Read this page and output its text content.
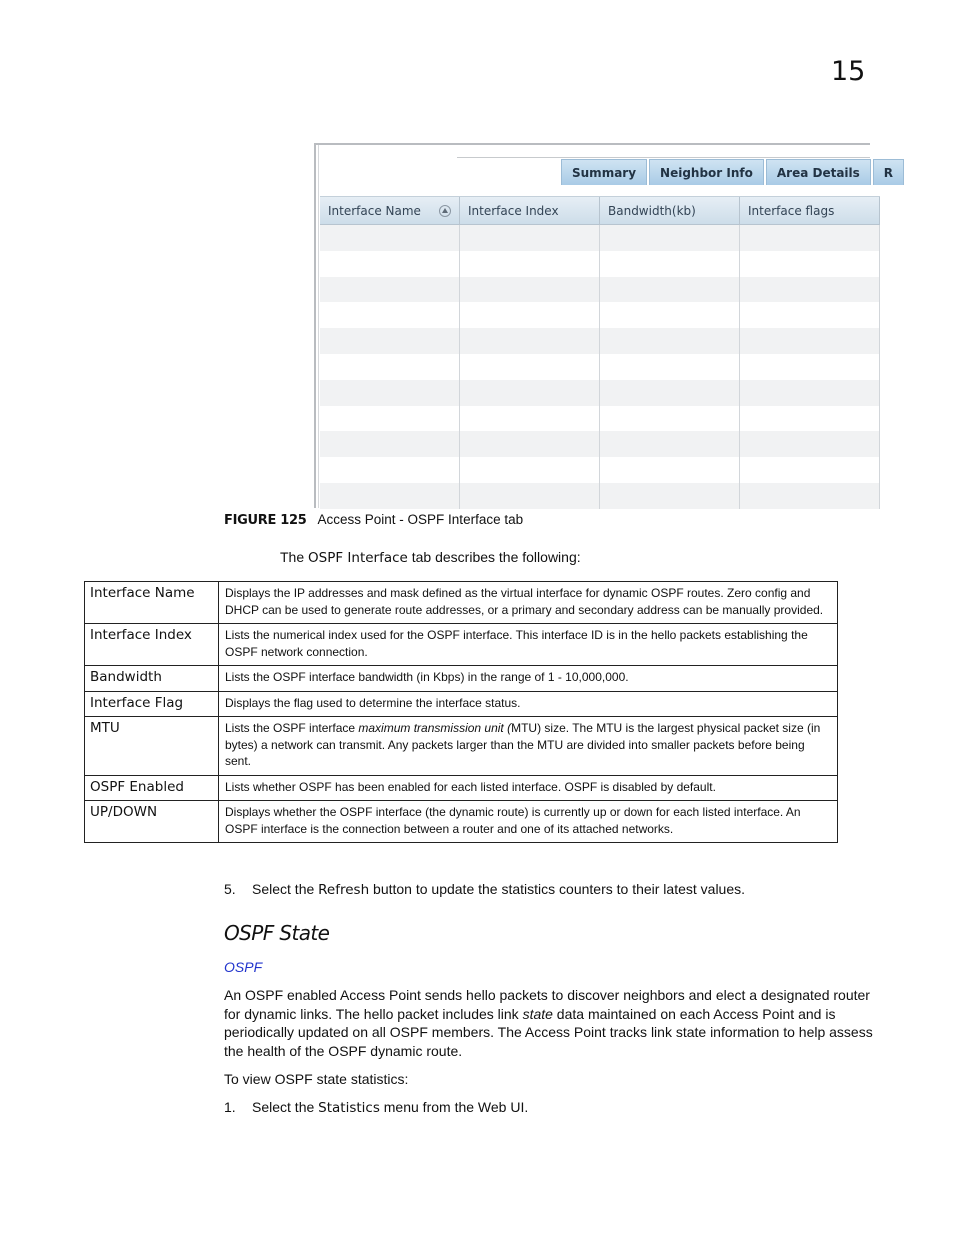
15
Summary	Neighbor Info	Area Details	R
Interface Name	Interface Index	Bandwidth(kb)	Interface flags
FIGURE 125 Access Point - OSPF Interface tab
The OSPF Interface tab describes the following:
Interface Name	Displays the IP addresses and mask defined as the virtual interface for dynamic OSPF routes. Zero config and DHCP can be used to generate route addresses, or a primary and secondary address can be manually provided.
Interface Index	Lists the numerical index used for the OSPF interface. This interface ID is in the hello packets establishing the OSPF network connection.
Bandwidth	Lists the OSPF interface bandwidth (in Kbps) in the range of 1 - 10,000,000.
Interface Flag	Displays the flag used to determine the interface status.
MTU	Lists the OSPF interface maximum transmission unit (MTU) size. The MTU is the largest physical packet size (in bytes) a network can transmit. Any packets larger than the MTU are divided into smaller packets before being sent.
OSPF Enabled	Lists whether OSPF has been enabled for each listed interface. OSPF is disabled by default.
UP/DOWN	Displays whether the OSPF interface (the dynamic route) is currently up or down for each listed interface. An OSPF interface is the connection between a router and one of its attached networks.
5. Select the Refresh button to update the statistics counters to their latest values.
OSPF State
OSPF
An OSPF enabled Access Point sends hello packets to discover neighbors and elect a designated router for dynamic links. The hello packet includes link state data maintained on each Access Point and is periodically updated on all OSPF members. The Access Point tracks link state information to help assess the health of the OSPF dynamic route.
To view OSPF state statistics:
1. Select the Statistics menu from the Web UI.
